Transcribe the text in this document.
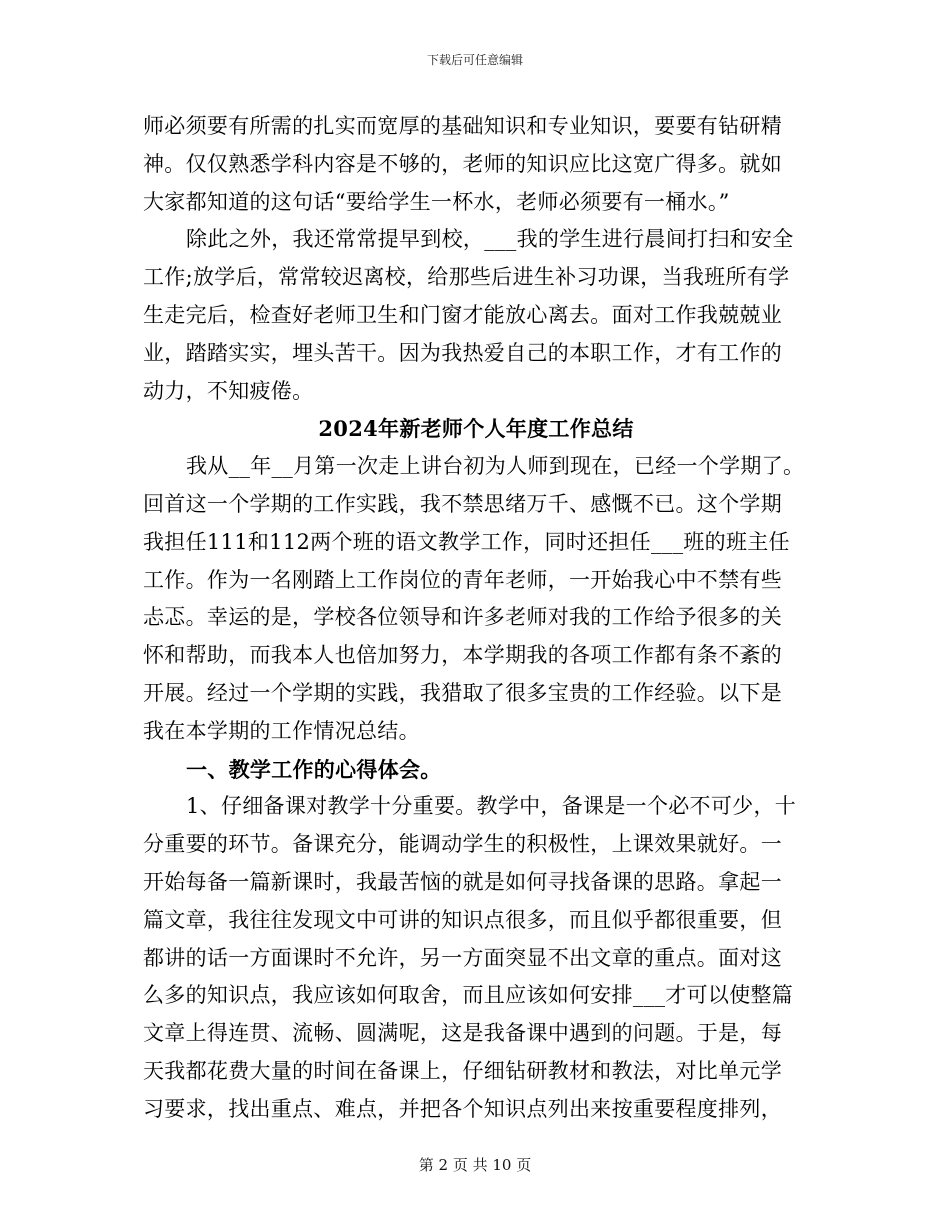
下载后可任意编辑
师必须要有所需的扎实而宽厚的基础知识和专业知识，要要有钻研精
神。仅仅熟悉学科内容是不够的，老师的知识应比这宽广得多。就如
大家都知道的这句话“要给学生一杯水，老师必须要有一桶水。”
除此之外，我还常常提早到校，___我的学生进行晨间打扫和安全
工作;放学后，常常较迟离校，给那些后进生补习功课，当我班所有学
生走完后，检查好老师卫生和门窗才能放心离去。面对工作我兢兢业
业，踏踏实实，埋头苦干。因为我热爱自己的本职工作，才有工作的
动力，不知疲倦。
2024年新老师个人年度工作总结
我从__年__月第一次走上讲台初为人师到现在，已经一个学期了。
回首这一个学期的工作实践，我不禁思绪万千、感慨不已。这个学期
我担任111和112两个班的语文教学工作，同时还担任___班的班主任
工作。作为一名刚踏上工作岗位的青年老师，一开始我心中不禁有些
忐忑。幸运的是，学校各位领导和许多老师对我的工作给予很多的关
怀和帮助，而我本人也倍加努力，本学期我的各项工作都有条不紊的
开展。经过一个学期的实践，我猎取了很多宝贵的工作经验。以下是
我在本学期的工作情况总结。
一、教学工作的心得体会。
1、仔细备课对教学十分重要。教学中，备课是一个必不可少，十
分重要的环节。备课充分，能调动学生的积极性，上课效果就好。一
开始每备一篇新课时，我最苦恼的就是如何寻找备课的思路。拿起一
篇文章，我往往发现文中可讲的知识点很多，而且似乎都很重要，但
都讲的话一方面课时不允许，另一方面突显不出文章的重点。面对这
么多的知识点，我应该如何取舍，而且应该如何安排___才可以使整篇
文章上得连贯、流畅、圆满呢，这是我备课中遇到的问题。于是，每
天我都花费大量的时间在备课上，仔细钻研教材和教法，对比单元学
习要求，找出重点、难点，并把各个知识点列出来按重要程度排列，
第 2 页 共 10 页
